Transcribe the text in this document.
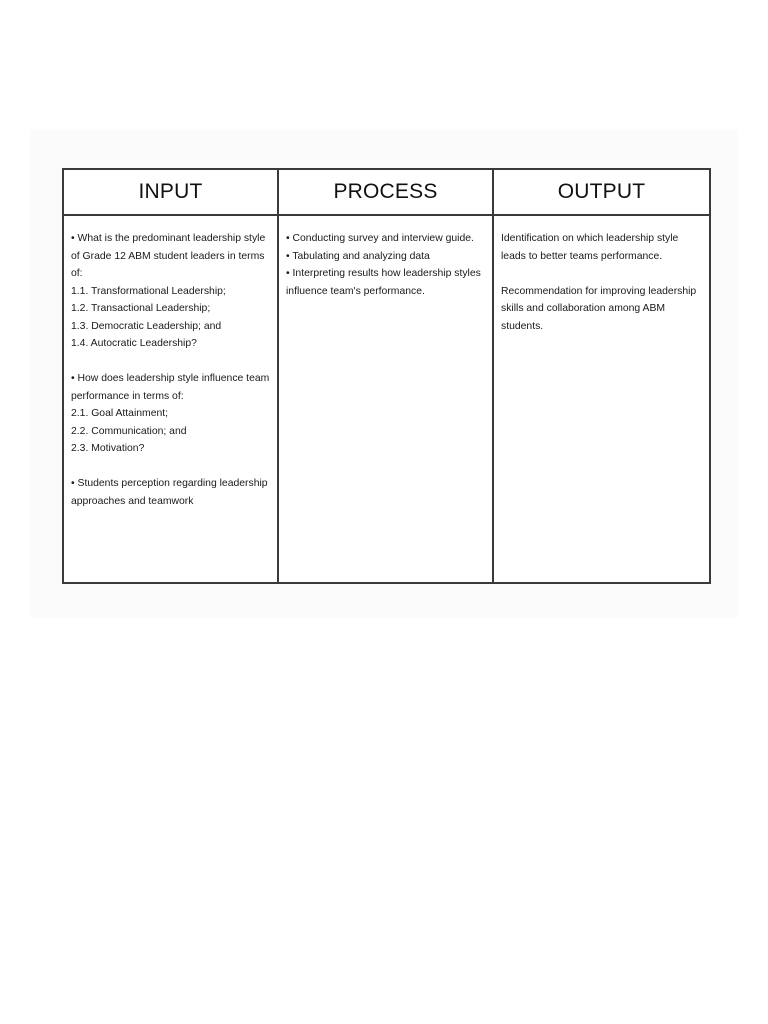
INPUT	PROCESS	OUTPUT
• What is the predominant leadership style of Grade 12 ABM student leaders in terms of:
1.1. Transformational Leadership;
1.2. Transactional Leadership;
1.3. Democratic Leadership; and
1.4. Autocratic Leadership?
• How does leadership style influence team performance in terms of:
2.1. Goal Attainment;
2.2. Communication; and
2.3. Motivation?
• Students perception regarding leadership approaches and teamwork
• Conducting survey and interview guide.
• Tabulating and analyzing data
• Interpreting results how leadership styles influence team's performance.
Identification on which leadership style leads to better teams performance.
Recommendation for improving leadership skills and collaboration among ABM students.
